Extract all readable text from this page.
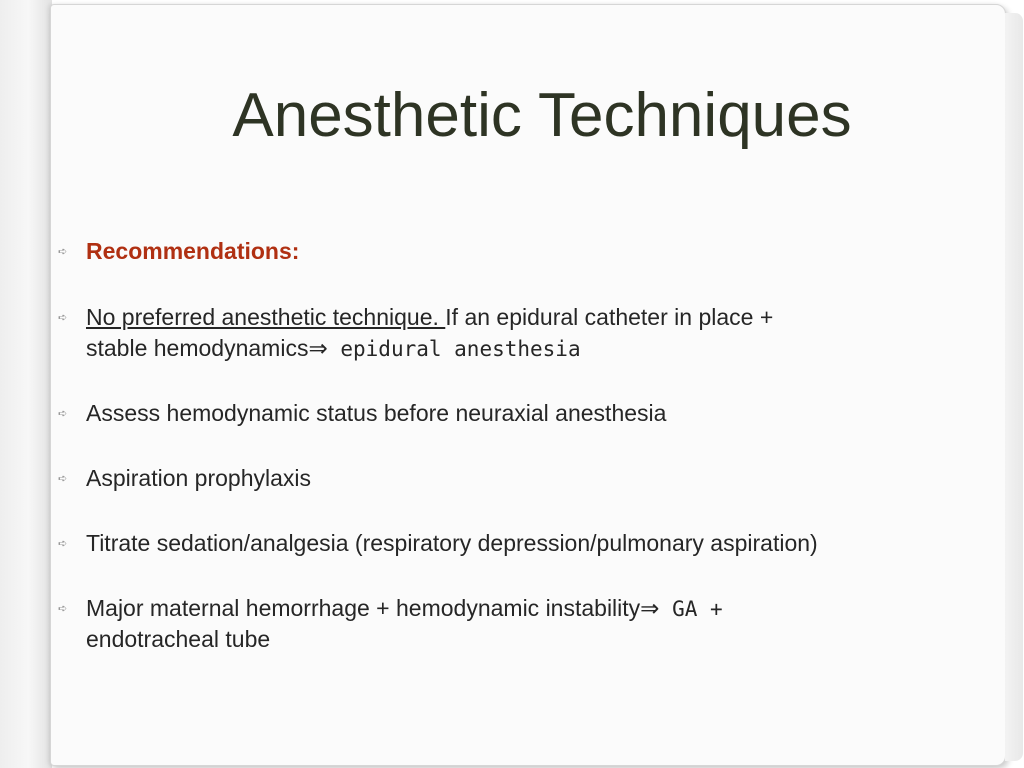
Anesthetic Techniques
➪ Recommendations:
➪ No preferred anesthetic technique. If an epidural catheter in place +
stable hemodynamics⇒ epidural anesthesia
➪ Assess hemodynamic status before neuraxial anesthesia
➪ Aspiration prophylaxis
➪ Titrate sedation/analgesia (respiratory depression/pulmonary aspiration)
➪ Major maternal hemorrhage + hemodynamic instability⇒ GA +
endotracheal tube
